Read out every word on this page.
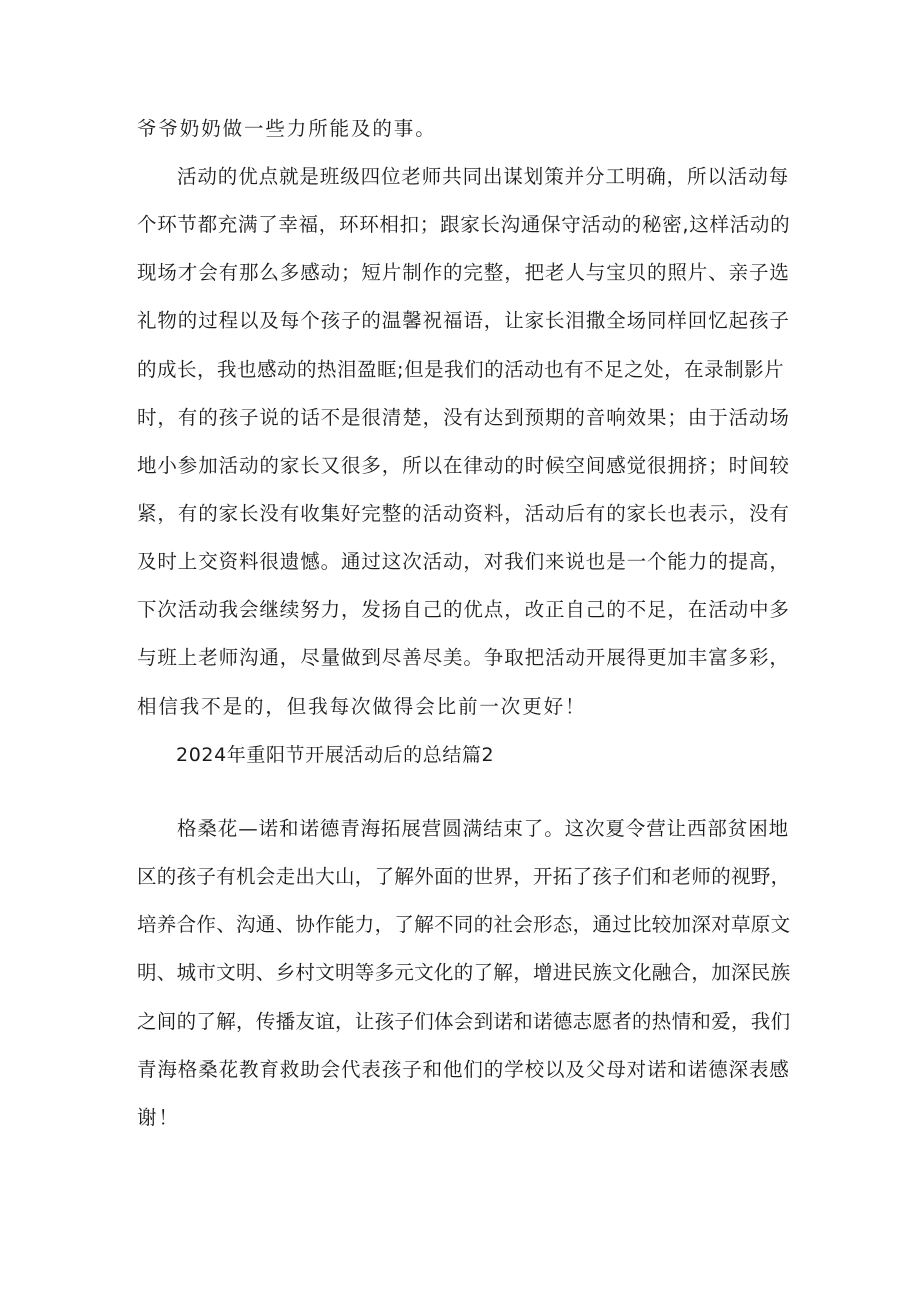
爷爷奶奶做一些力所能及的事。
活动的优点就是班级四位老师共同出谋划策并分工明确，所以活动每
个环节都充满了幸福，环环相扣；跟家长沟通保守活动的秘密,这样活动的
现场才会有那么多感动；短片制作的完整，把老人与宝贝的照片、亲子选
礼物的过程以及每个孩子的温馨祝福语，让家长泪撒全场同样回忆起孩子
的成长，我也感动的热泪盈眶;但是我们的活动也有不足之处，在录制影片
时，有的孩子说的话不是很清楚，没有达到预期的音响效果；由于活动场
地小参加活动的家长又很多，所以在律动的时候空间感觉很拥挤；时间较
紧，有的家长没有收集好完整的活动资料，活动后有的家长也表示，没有
及时上交资料很遗憾。通过这次活动，对我们来说也是一个能力的提高，
下次活动我会继续努力，发扬自己的优点，改正自己的不足，在活动中多
与班上老师沟通，尽量做到尽善尽美。争取把活动开展得更加丰富多彩，
相信我不是的，但我每次做得会比前一次更好！
2024年重阳节开展活动后的总结篇2
格桑花—诺和诺德青海拓展营圆满结束了。这次夏令营让西部贫困地
区的孩子有机会走出大山，了解外面的世界，开拓了孩子们和老师的视野，
培养合作、沟通、协作能力，了解不同的社会形态，通过比较加深对草原文
明、城市文明、乡村文明等多元文化的了解，增进民族文化融合，加深民族
之间的了解，传播友谊，让孩子们体会到诺和诺德志愿者的热情和爱，我们
青海格桑花教育救助会代表孩子和他们的学校以及父母对诺和诺德深表感
谢！
